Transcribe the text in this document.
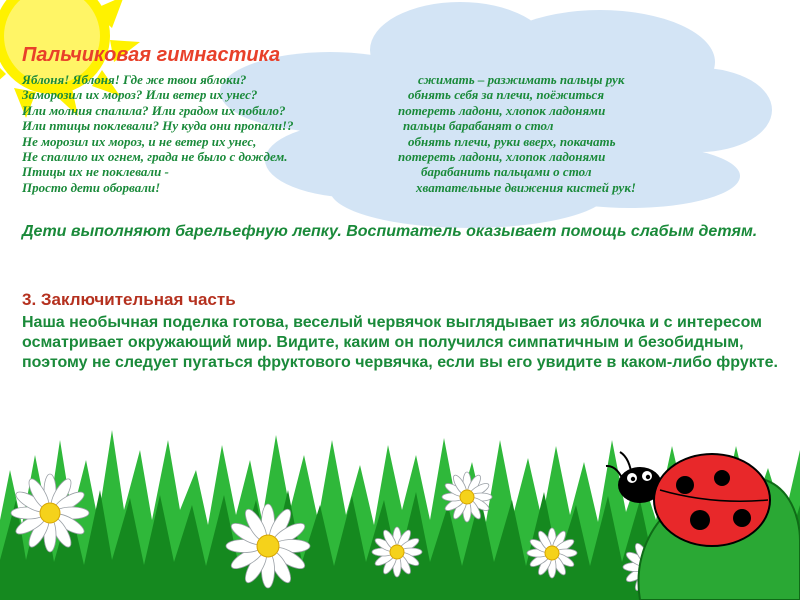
Пальчиковая гимнастика
Яблоня! Яблоня! Где же твои яблоки?
Заморозил их мороз? Или ветер их унес?
Или молния спалила? Или градом их побило?
Или птицы поклевали? Ну куда они пропали!?
Не морозил их мороз, и не ветер их унес,
Не спалило их огнем, града не было с дождем.
Птицы их не поклевали -
Просто дети оборвали!
сжимать – разжимать пальцы рук
обнять себя за плечи, поёжиться
потереть ладони, хлопок ладонями
пальцы барабанят о стол
обнять плечи, руки вверх, покачать
потереть ладони, хлопок ладонями
барабанить пальцами о стол
хватательные движения кистей рук!

Дети выполняют барельефную лепку. Воспитатель оказывает помощь слабым детям.

3. Заключительная часть

Наша необычная поделка готова, веселый червячок выглядывает из яблочка и с интересом осматривает окружающий мир. Видите, каким он получился симпатичным и безобидным, поэтому не следует пугаться фруктового червячка, если вы его увидите в каком-либо фрукте.
